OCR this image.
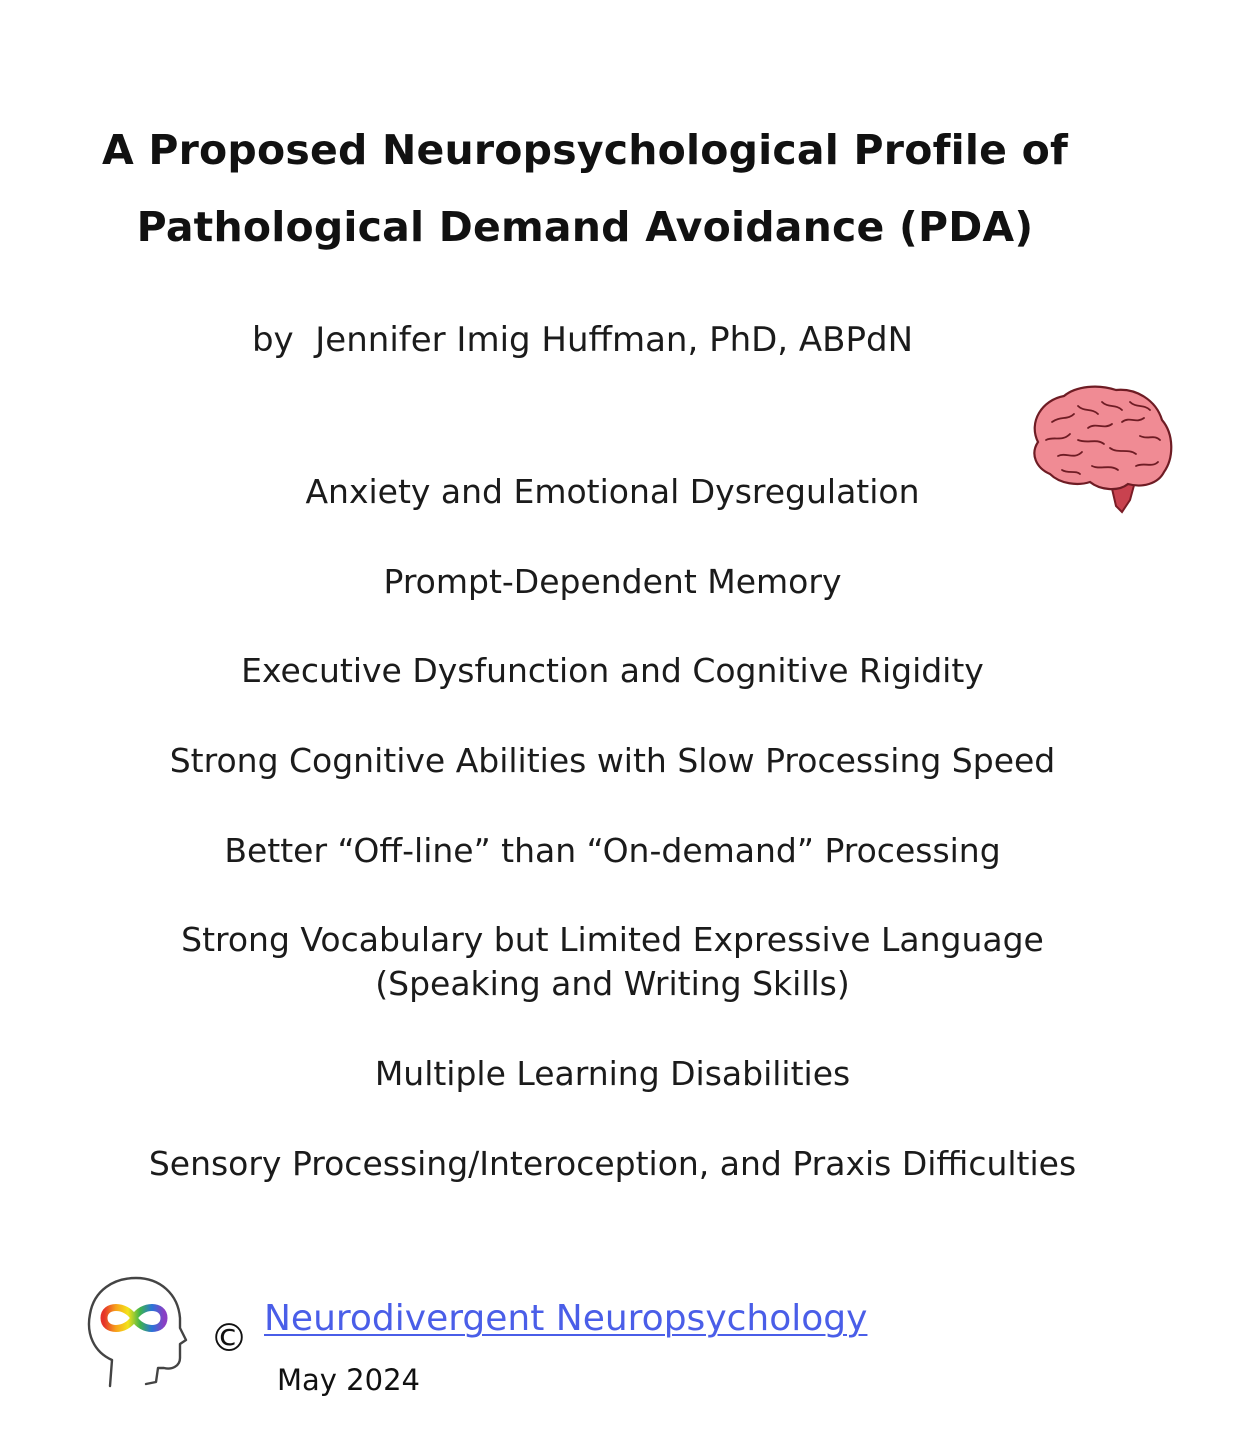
A Proposed Neuropsychological Profile of
Pathological Demand Avoidance (PDA)
by  Jennifer Imig Huffman, PhD, ABPdN
Anxiety and Emotional Dysregulation
Prompt-Dependent Memory
Executive Dysfunction and Cognitive Rigidity
Strong Cognitive Abilities with Slow Processing Speed
Better “Off-line” than “On-demand” Processing
Strong Vocabulary but Limited Expressive Language
(Speaking and Writing Skills)
Multiple Learning Disabilities
Sensory Processing/Interoception, and Praxis Difficulties
© Neurodivergent Neuropsychology
May 2024
